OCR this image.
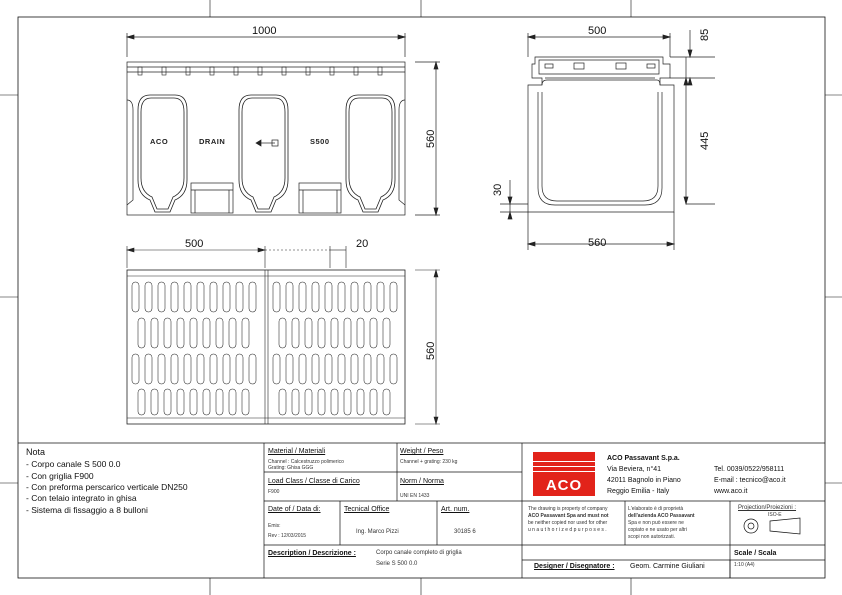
1000	500	85
445
560
30
560
500	20
560
ACO	DRAIN	S500
Nota
- Corpo canale S 500 0.0
- Con griglia F900
- Con preforma perscarico verticale DN250
- Con telaio integrato in ghisa
- Sistema di fissaggio a 8 bulloni
Material / Materiali
Channel : Calcestruzzo polimerico
Grating: Ghisa GGG
Weight / Peso
Channel + grating: 230 kg
Load Class / Classe di Carico
F900
Norm / Norma
UNI EN 1433
Date of / Data di:
Emis:
Rev : 12/03/2015
Tecnical Office
Ing. Marco Pizzi
Art. num.
30185 6
Description / Descrizione :	Corpo canale completo di griglia
Serie S 500 0.0
ACO
ACO Passavant S.p.a.
Via Beviera, n°41
42011 Bagnolo in Piano
Reggio Emilia - Italy
Tel. 0039/0522/958111
E-mail : tecnico@aco.it
www.aco.it
The drawing is property of company
ACO Passavant Spa and must not
be neither copied nor used for other
u n a u t h o r i z e d p u r p o s e s .
L'elaborato è di proprietà
dell'azienda ACO Passavant
Spa e non può essere ne
copiato e ne usato per altri
scopi non autorizzati.
Projection/Proiezioni :
ISO-E
Designer / Disegnatore : Geom. Carmine Giuliani
Scale / Scala
1:10 (A4)
